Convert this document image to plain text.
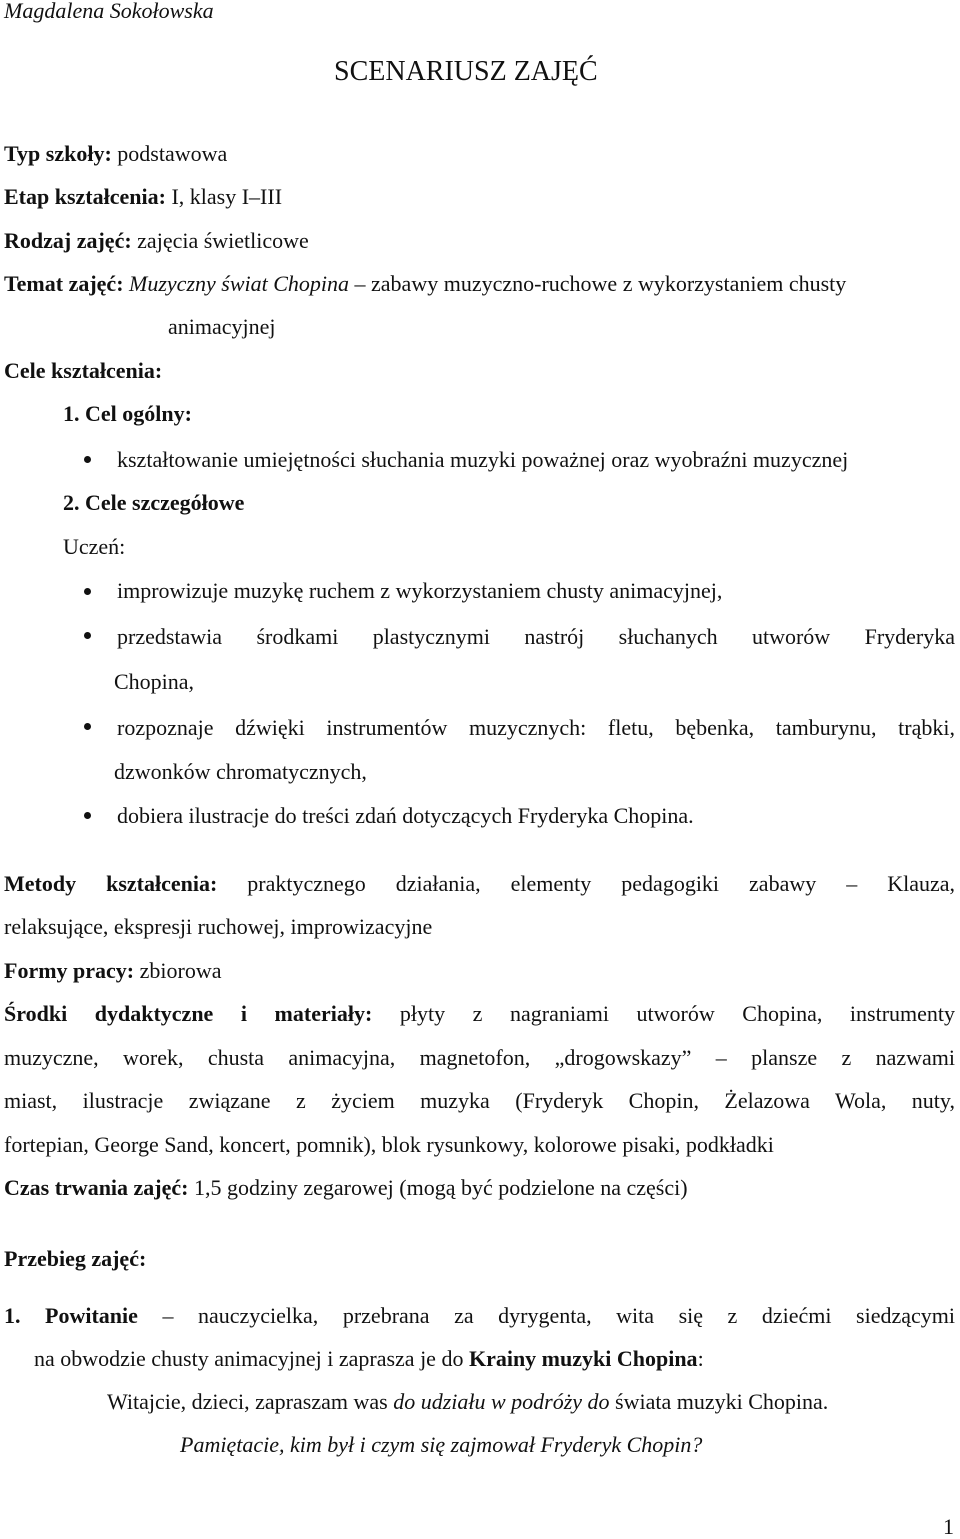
Magdalena Sokołowska
SCENARIUSZ ZAJĘĆ
Typ szkoły: podstawowa
Etap kształcenia: I, klasy I–III
Rodzaj zajęć: zajęcia świetlicowe
Temat zajęć: Muzyczny świat Chopina – zabawy muzyczno-ruchowe z wykorzystaniem chusty
animacyjnej
Cele kształcenia:
1. Cel ogólny:
kształtowanie umiejętności słuchania muzyki poważnej oraz wyobraźni muzycznej
2. Cele szczegółowe
Uczeń:
improwizuje muzykę ruchem z wykorzystaniem chusty animacyjnej,
przedstawia środkami plastycznymi nastrój słuchanych utworów Fryderyka
Chopina,
rozpoznaje dźwięki instrumentów muzycznych: fletu, bębenka, tamburynu, trąbki,
dzwonków chromatycznych,
dobiera ilustracje do treści zdań dotyczących Fryderyka Chopina.
Metody kształcenia: praktycznego działania, elementy pedagogiki zabawy – Klauza,
relaksujące, ekspresji ruchowej, improwizacyjne
Formy pracy: zbiorowa
Środki dydaktyczne i materiały: płyty z nagraniami utworów Chopina, instrumenty
muzyczne, worek, chusta animacyjna, magnetofon, „drogowskazy” – plansze z nazwami
miast, ilustracje związane z życiem muzyka (Fryderyk Chopin, Żelazowa Wola, nuty,
fortepian, George Sand, koncert, pomnik), blok rysunkowy, kolorowe pisaki, podkładki
Czas trwania zajęć: 1,5 godziny zegarowej (mogą być podzielone na części)
Przebieg zajęć:
1. Powitanie – nauczycielka, przebrana za dyrygenta, wita się z dziećmi siedzącymi
na obwodzie chusty animacyjnej i zaprasza je do Krainy muzyki Chopina:
Witajcie, dzieci, zapraszam was do udziału w podróży do świata muzyki Chopina.
Pamiętacie, kim był i czym się zajmował Fryderyk Chopin?
1
